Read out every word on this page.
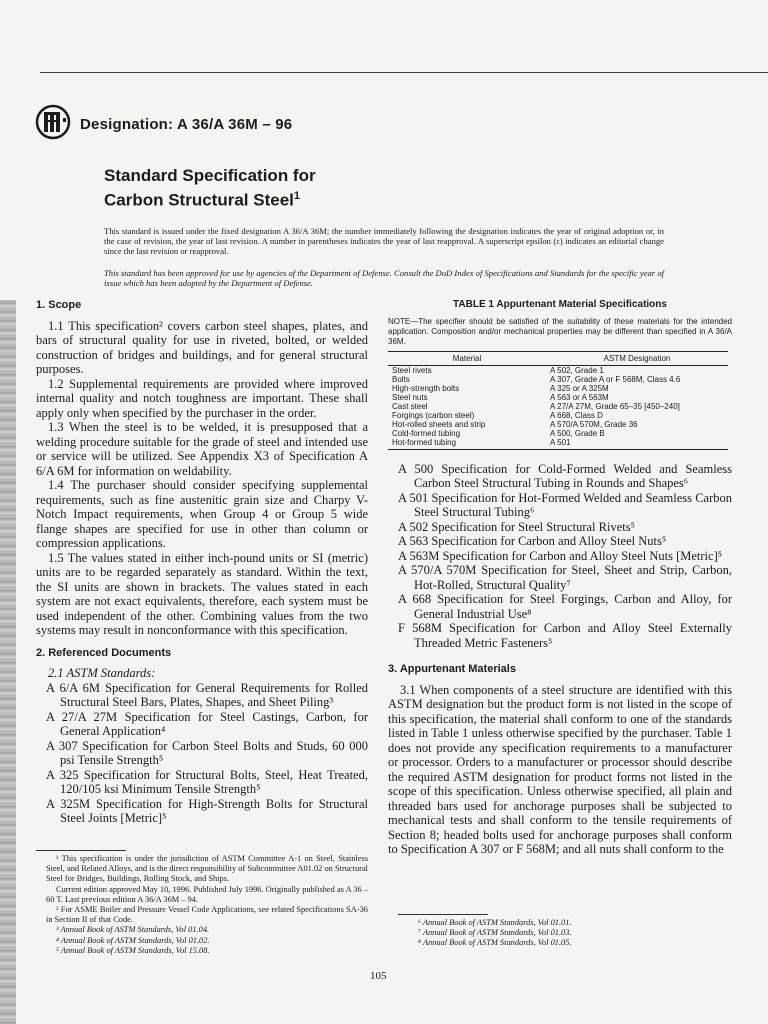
Designation: A 36/A 36M – 96
Standard Specification for
Carbon Structural Steel$^1$

This standard is issued under the fixed designation A 36/A 36M; the number immediately following the designation indicates the year of original adoption or, in the case of revision, the year of last revision. A number in parentheses indicates the year of last reapproval. A superscript epsilon (ε) indicates an editorial change since the last revision or reapproval.

This standard has been approved for use by agencies of the Department of Defense. Consult the DoD Index of Specifications and Standards for the specific year of issue which has been adopted by the Department of Defense.

1. Scope

1.1 This specification² covers carbon steel shapes, plates, and bars of structural quality for use in riveted, bolted, or welded construction of bridges and buildings, and for general structural purposes.

1.2 Supplemental requirements are provided where improved internal quality and notch toughness are important. These shall apply only when specified by the purchaser in the order.

1.3 When the steel is to be welded, it is presupposed that a welding procedure suitable for the grade of steel and intended use or service will be utilized. See Appendix X3 of Specification A 6/A 6M for information on weldability.

1.4 The purchaser should consider specifying supplemental requirements, such as fine austenitic grain size and Charpy V-Notch Impact requirements, when Group 4 or Group 5 wide flange shapes are specified for use in other than column or compression applications.

1.5 The values stated in either inch-pound units or SI (metric) units are to be regarded separately as standard. Within the text, the SI units are shown in brackets. The values stated in each system are not exact equivalents, therefore, each system must be used independent of the other. Combining values from the two systems may result in nonconformance with this specification.

2. Referenced Documents

2.1 ASTM Standards:

A 6/A 6M Specification for General Requirements for Rolled Structural Steel Bars, Plates, Shapes, and Sheet Piling³

A 27/A 27M Specification for Steel Castings, Carbon, for General Application⁴

A 307 Specification for Carbon Steel Bolts and Studs, 60 000 psi Tensile Strength⁵

A 325 Specification for Structural Bolts, Steel, Heat Treated, 120/105 ksi Minimum Tensile Strength⁵

A 325M Specification for High-Strength Bolts for Structural Steel Joints [Metric]⁵

TABLE 1 Appurtenant Material Specifications
NOTE—The specifier should be satisfied of the suitability of these materials for the intended application. Composition and/or mechanical properties may be different than specified in A 36/A 36M.
Material	ASTM Designation
Steel rivets	A 502, Grade 1
Bolts	A 307, Grade A or F 568M, Class 4.6
High-strength bolts	A 325 or A 325M
Steel nuts	A 563 or A 563M
Cast steel	A 27/A 27M, Grade 65–35 [450–240]
Forgings (carbon steel)	A 668, Class D
Hot-rolled sheets and strip	A 570/A 570M, Grade 36
Cold-formed tubing	A 500, Grade B
Hot-formed tubing	A 501

A 500 Specification for Cold-Formed Welded and Seamless Carbon Steel Structural Tubing in Rounds and Shapes⁶

A 501 Specification for Hot-Formed Welded and Seamless Carbon Steel Structural Tubing⁶

A 502 Specification for Steel Structural Rivets⁵

A 563 Specification for Carbon and Alloy Steel Nuts⁵

A 563M Specification for Carbon and Alloy Steel Nuts [Metric]⁵

A 570/A 570M Specification for Steel, Sheet and Strip, Carbon, Hot-Rolled, Structural Quality⁷

A 668 Specification for Steel Forgings, Carbon and Alloy, for General Industrial Use⁸

F 568M Specification for Carbon and Alloy Steel Externally Threaded Metric Fasteners⁵

3. Appurtenant Materials

3.1 When components of a steel structure are identified with this ASTM designation but the product form is not listed in the scope of this specification, the material shall conform to one of the standards listed in Table 1 unless otherwise specified by the purchaser. Table 1 does not provide any specification requirements to a manufacturer or processor. Orders to a manufacturer or processor should describe the required ASTM designation for product forms not listed in the scope of this specification. Unless otherwise specified, all plain and threaded bars used for anchorage purposes shall be subjected to mechanical tests and shall conform to the tensile requirements of Section 8; headed bolts used for anchorage purposes shall conform to Specification A 307 or F 568M; and all nuts shall conform to the

¹ This specification is under the jurisdiction of ASTM Committee A-1 on Steel, Stainless Steel, and Related Alloys, and is the direct responsibility of Subcommittee A01.02 on Structural Steel for Bridges, Buildings, Rolling Stock, and Ships.

Current edition approved May 10, 1996. Published July 1996. Originally published as A 36 – 60 T. Last previous edition A 36/A 36M – 94.

² For ASME Boiler and Pressure Vessel Code Applications, see related Specifications SA-36 in Section II of that Code.

³ Annual Book of ASTM Standards, Vol 01.04.

⁴ Annual Book of ASTM Standards, Vol 01.02.

⁵ Annual Book of ASTM Standards, Vol 15.08.

⁶ Annual Book of ASTM Standards, Vol 01.01.

⁷ Annual Book of ASTM Standards, Vol 01.03.

⁸ Annual Book of ASTM Standards, Vol 01.05.

105
